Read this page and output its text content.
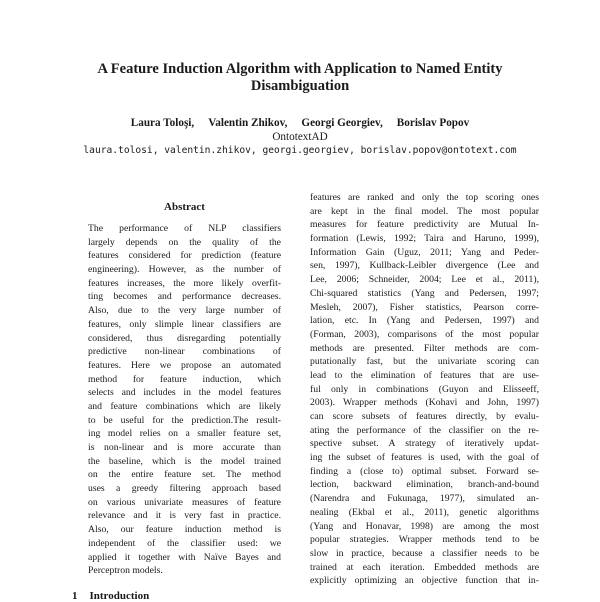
A Feature Induction Algorithm with Application to Named Entity
Disambiguation
Laura Toloşi, Valentin Zhikov, Georgi Georgiev, Borislav Popov
OntotextAD
laura.tolosi, valentin.zhikov, georgi.georgiev, borislav.popov@ontotext.com
Abstract
The performance of NLP classifiers
largely depends on the quality of the
features considered for prediction (feature
engineering). However, as the number of
features increases, the more likely overfit-
ting becomes and performance decreases.
Also, due to the very large number of
features, only slimple linear classifiers are
considered, thus disregarding potentially
predictive non-linear combinations of
features. Here we propose an automated
method for feature induction, which
selects and includes in the model features
and feature combinations which are likely
to be useful for the prediction.The result-
ing model relies on a smaller feature set,
is non-linear and is more accurate than
the baseline, which is the model trained
on the entire feature set. The method
uses a greedy filtering approach based
on various univariate measures of feature
relevance and it is very fast in practice.
Also, our feature induction method is
independent of the classifier used: we
applied it together with Naïve Bayes and
Perceptron models.
features are ranked and only the top scoring ones
are kept in the final model. The most popular
measures for feature predictivity are Mutual In-
formation (Lewis, 1992; Taira and Haruno, 1999),
Information Gain (Uguz, 2011; Yang and Peder-
sen, 1997), Kullback-Leibler divergence (Lee and
Lee, 2006; Schneider, 2004; Lee et al., 2011),
Chi-squared statistics (Yang and Pedersen, 1997;
Mesleh, 2007), Fisher statistics, Pearson corre-
lation, etc. In (Yang and Pedersen, 1997) and
(Forman, 2003), comparisons of the most popular
methods are presented. Filter methods are com-
putationally fast, but the univariate scoring can
lead to the elimination of features that are use-
ful only in combinations (Guyon and Elisseeff,
2003). Wrapper methods (Kohavi and John, 1997)
can score subsets of features directly, by evalu-
ating the performance of the classifier on the re-
spective subset. A strategy of iteratively updat-
ing the subset of features is used, with the goal of
finding a (close to) optimal subset. Forward se-
lection, backward elimination, branch-and-bound
(Narendra and Fukunaga, 1977), simulated an-
nealing (Ekbal et al., 2011), genetic algorithms
(Yang and Honavar, 1998) are among the most
popular strategies. Wrapper methods tend to be
slow in practice, because a classifier needs to be
trained at each iteration. Embedded methods are
explicitly optimizing an objective function that in-
1 Introduction
